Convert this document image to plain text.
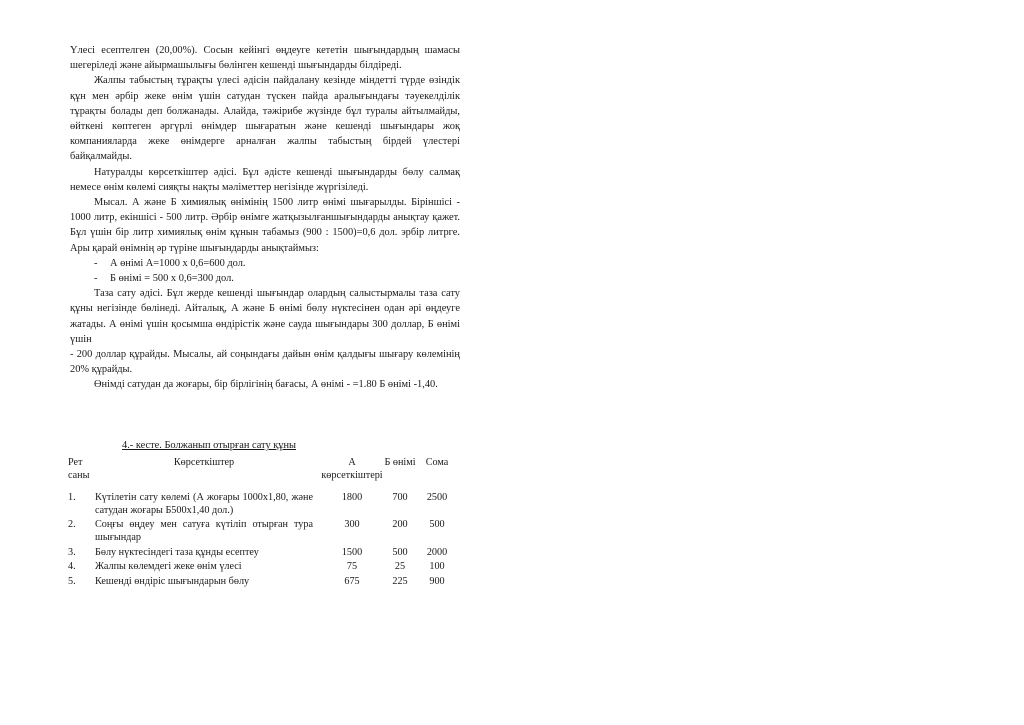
Үлесі есептелген (20,00%). Сосын кейінгі өңдеуге кететін шығындардың шамасы шегеріледі және айырмашылығы бөлінген кешенді шығындарды білдіреді.

Жалпы табыстың тұрақты үлесі әдісін пайдалану кезінде міндетті түрде өзіндік құн мен әрбір жеке өнім үшін сатудан түскен пайда аралығындағы тәуекелділік тұрақты болады деп болжанады. Алайда, тәжірибе жүзінде бұл туралы айтылмайды, өйткені көптеген әргүрлі өнімдер шығаратын және кешенді шығындары жоқ компанияларда жеке өнімдерге арналған жалпы табыстың бірдей үлестері байқалмайды.

Натуралды көрсеткіштер әдісі. Бұл әдісте кешенді шығындарды бөлу салмақ немесе өнім көлемі сияқты нақты мәліметтер негізінде жүргізіледі.

Мысал. А және Б химиялық өнімінің 1500 литр өнімі шығарылды. Біріншісі - 1000 литр, екіншісі - 500 литр. Әрбір өнімге жатқызылғаншығындарды анықтау қажет. Бұл үшін бір литр химиялық өнім құнын табамыз (900 : 1500)=0,6 дол. эрбір литрге. Ары қарай өнімнің әр түріне шығындарды анықтаймыз:

- А өнімі А=1000 х 0,6=600 дол.

- Б өнімі = 500 х 0,6=300 дол.

Таза сату әдісі. Бұл жерде кешенді шығындар олардың салыстырмалы таза сату құны негізінде бөлінеді. Айталық, А және Б өнімі бөлу нүктесінен одан әрі өңдеуге жатады. А өнімі үшін қосымша өндірістік және сауда шығындары 300 доллар, Б өнімі үшін

- 200 доллар құрайды. Мысалы, ай соңындағы дайын өнім қалдығы шығару көлемінің 20% құрайды.

Өнімді сатудан да жоғары, бір бірлігінің бағасы, А өнімі - =1.80 Б өнімі -1,40.

4.- кесте. Болжанып отырған сату құны
Рет саны	Көрсеткіштер	А көрсеткіштері	Б өнімі	Сома
1.	Күтілетін сату көлемі (А жоғары 1000х1,80, және сатудан жоғары Б500х1,40 дол.)	1800	700	2500
2.	Соңғы өңдеу мен сатуға күтіліп отырған тура шығындар	300	200	500
3.	Бөлу нүктесіндегі таза құнды есептеу	1500	500	2000
4.	Жалпы көлемдегі жеке өнім үлесі	75	25	100
5.	Кешенді өндіріс шығындарын бөлу	675	225	900
